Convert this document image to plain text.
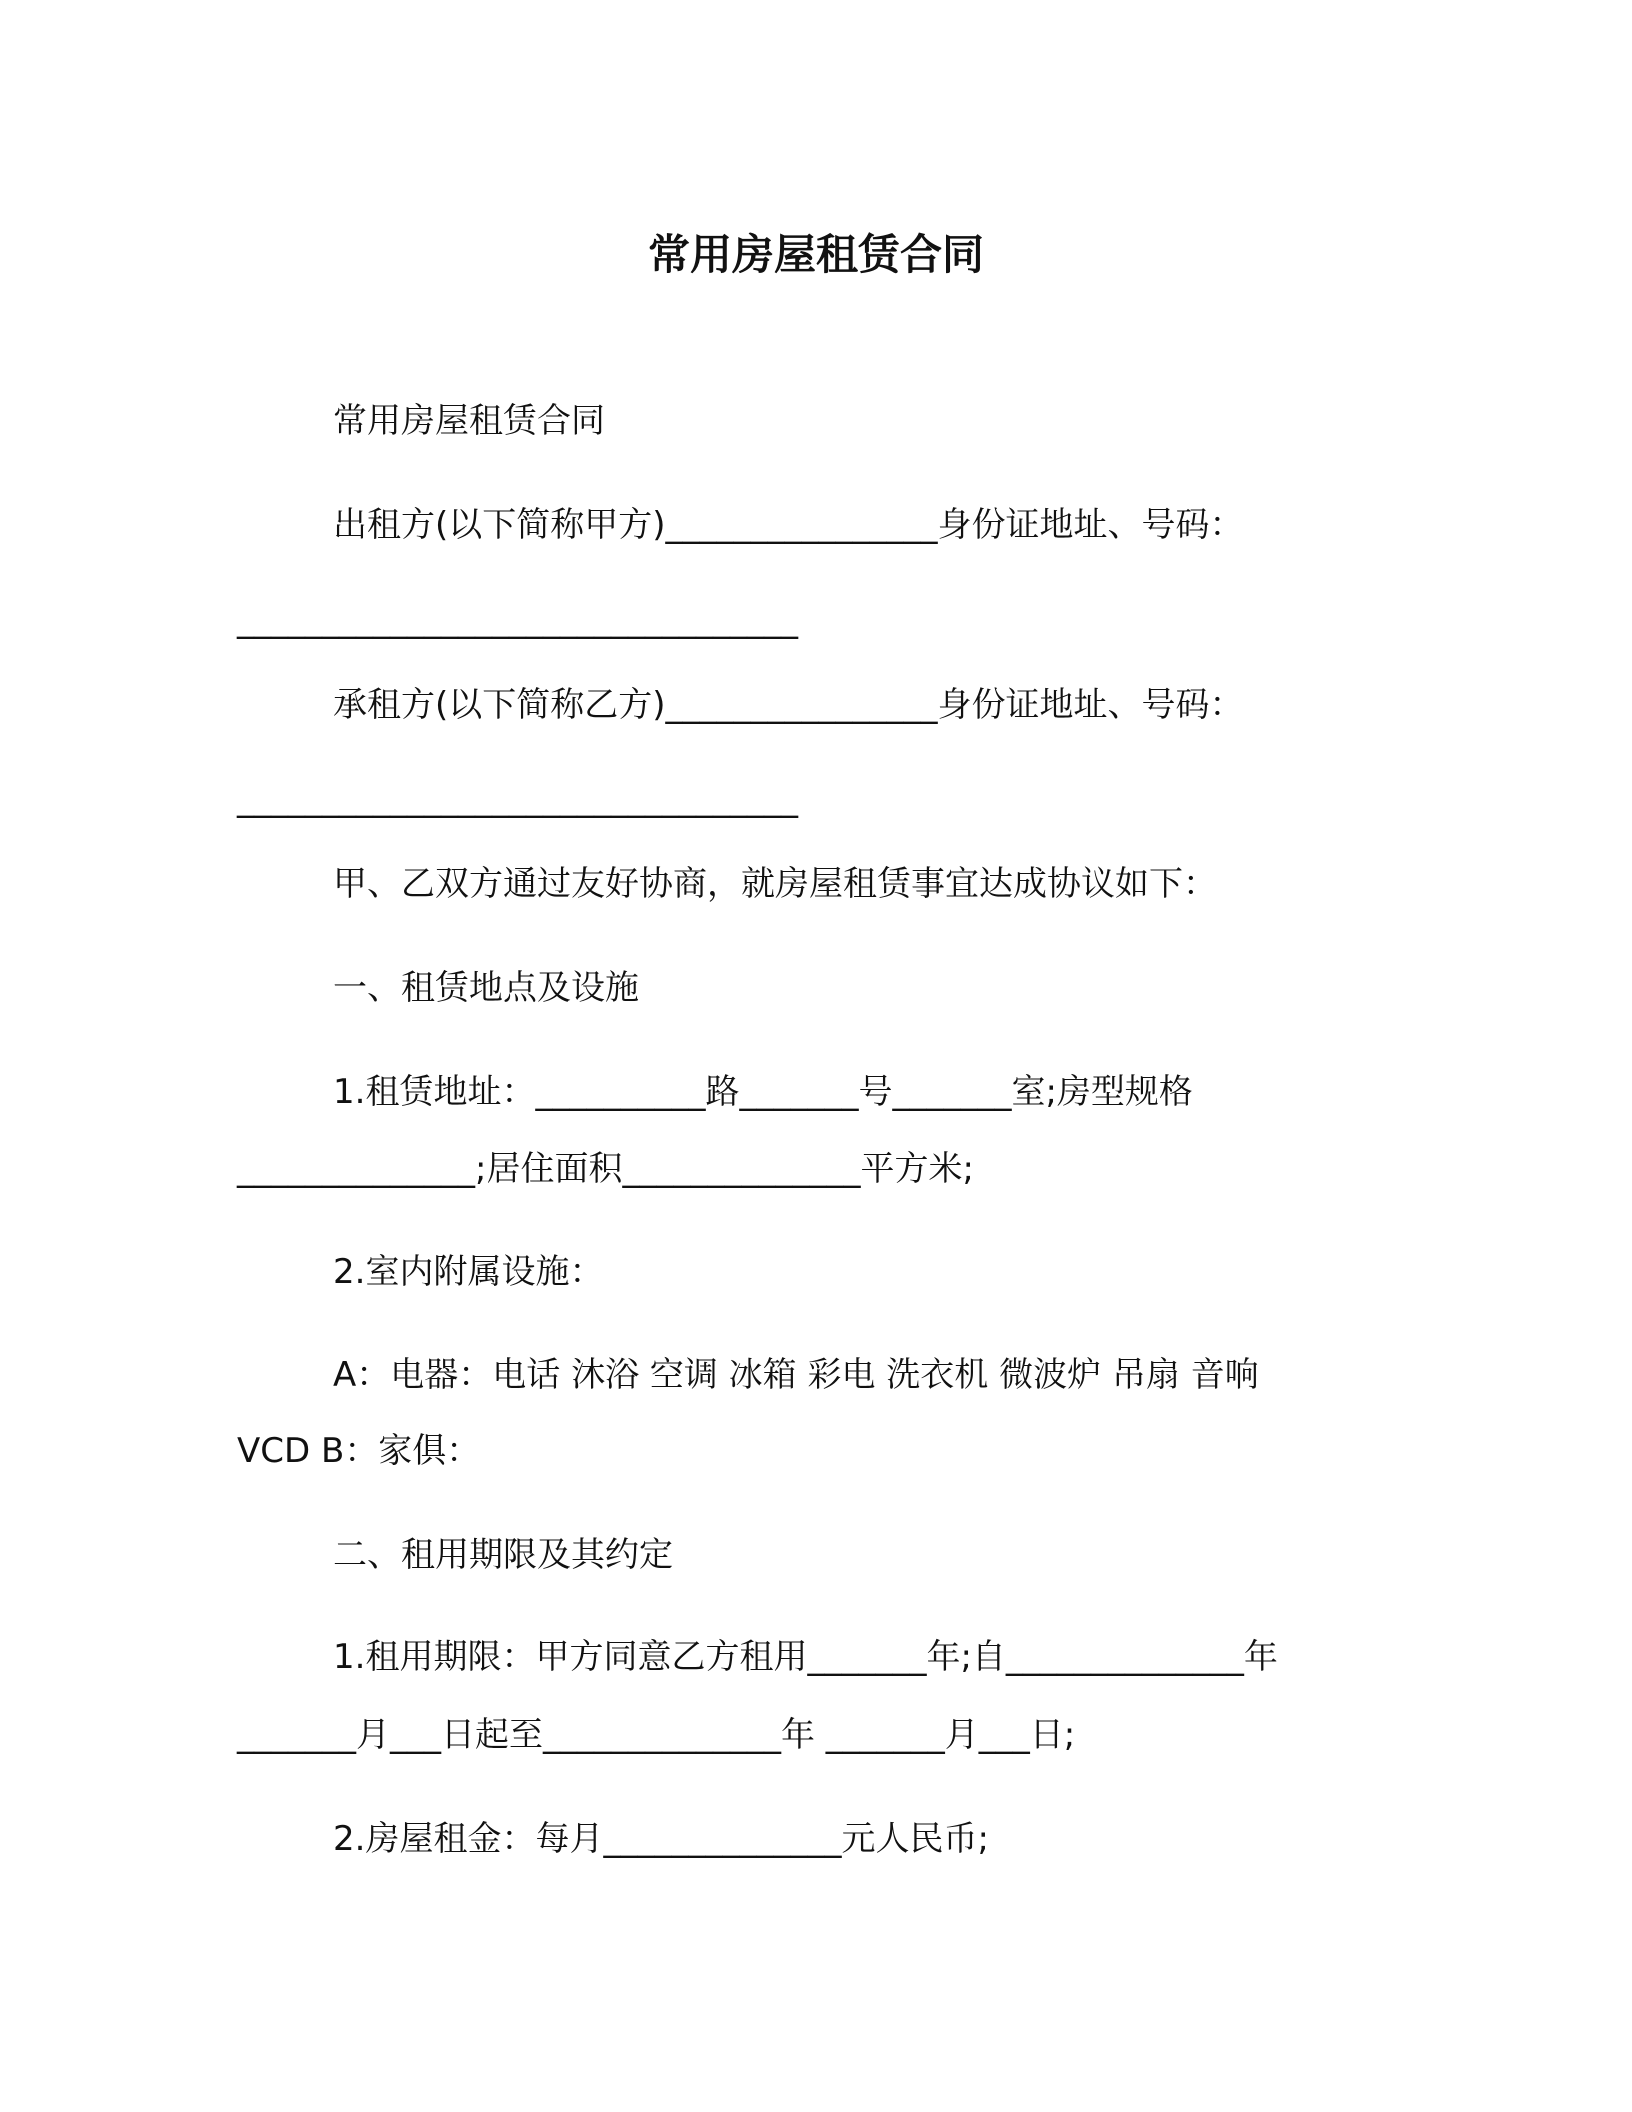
常用房屋租赁合同
常用房屋租赁合同
出租方(以下简称甲方)________________身份证地址、号码：
_________________________________
承租方(以下简称乙方)________________身份证地址、号码：
_________________________________
甲、乙双方通过友好协商，就房屋租赁事宜达成协议如下：
一、租赁地点及设施
1.租赁地址：__________路_______号_______室;房型规格
______________;居住面积______________平方米;
2.室内附属设施：
A：电器：电话 沐浴 空调 冰箱 彩电 洗衣机 微波炉 吊扇 音响
VCD B：家俱：
二、租用期限及其约定
1.租用期限：甲方同意乙方租用_______年;自______________年
_______月___日起至______________年 _______月___日;
2.房屋租金：每月______________元人民币;
